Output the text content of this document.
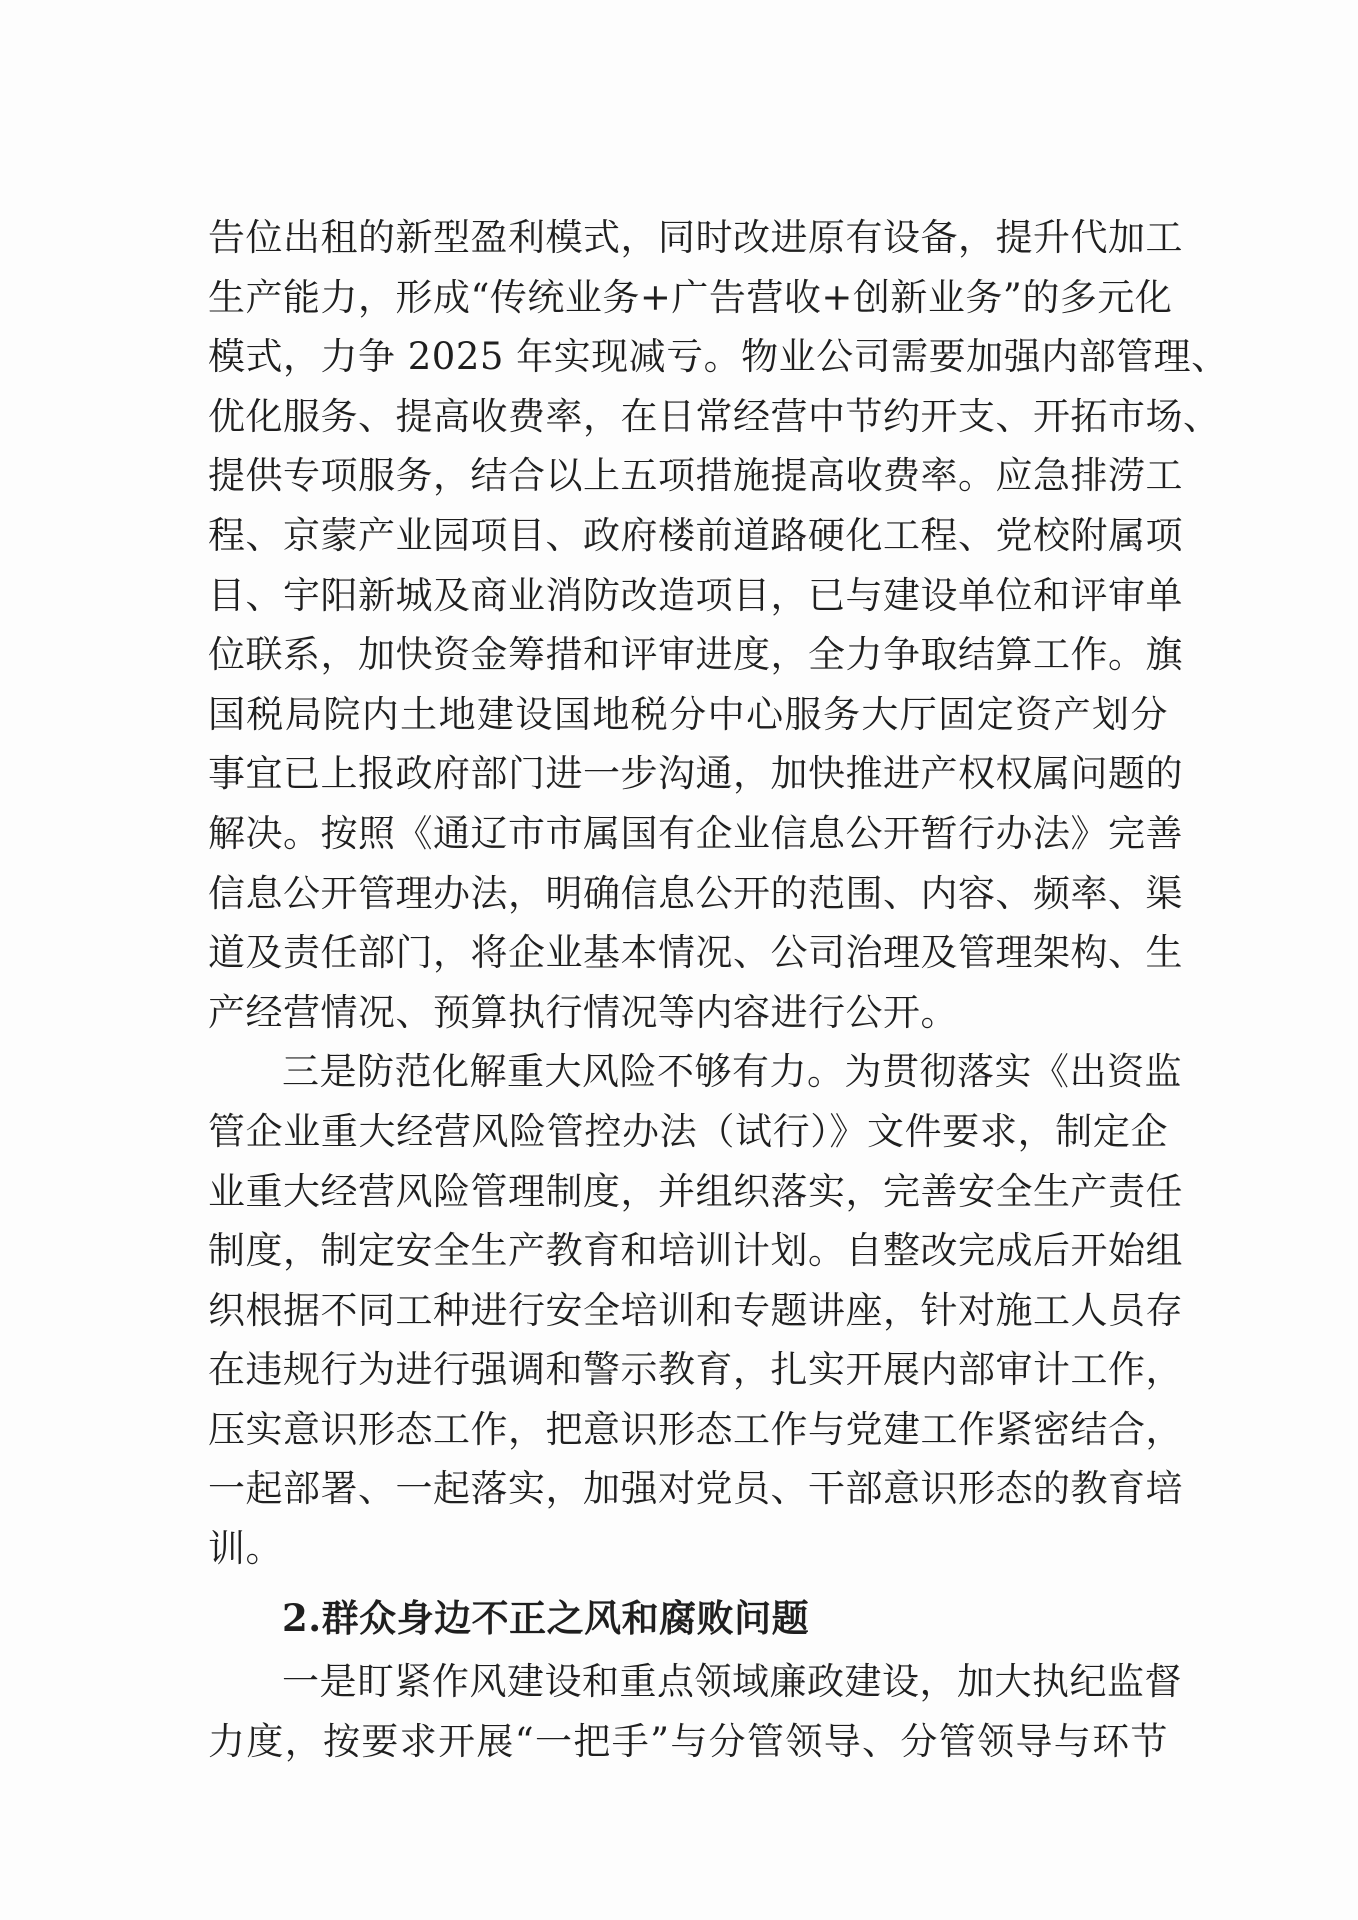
告位出租的新型盈利模式，同时改进原有设备，提升代加工
生产能力，形成“传统业务+广告营收+创新业务”的多元化
模式，力争 2025 年实现减亏。物业公司需要加强内部管理、
优化服务、提高收费率，在日常经营中节约开支、开拓市场、
提供专项服务，结合以上五项措施提高收费率。应急排涝工
程、京蒙产业园项目、政府楼前道路硬化工程、党校附属项
目、宇阳新城及商业消防改造项目，已与建设单位和评审单
位联系，加快资金筹措和评审进度，全力争取结算工作。旗
国税局院内土地建设国地税分中心服务大厅固定资产划分
事宜已上报政府部门进一步沟通，加快推进产权权属问题的
解决。按照《通辽市市属国有企业信息公开暂行办法》完善
信息公开管理办法，明确信息公开的范围、内容、频率、渠
道及责任部门，将企业基本情况、公司治理及管理架构、生
产经营情况、预算执行情况等内容进行公开。
三是防范化解重大风险不够有力。为贯彻落实《出资监
管企业重大经营风险管控办法（试行）》文件要求，制定企
业重大经营风险管理制度，并组织落实，完善安全生产责任
制度，制定安全生产教育和培训计划。自整改完成后开始组
织根据不同工种进行安全培训和专题讲座，针对施工人员存
在违规行为进行强调和警示教育，扎实开展内部审计工作，
压实意识形态工作，把意识形态工作与党建工作紧密结合，
一起部署、一起落实，加强对党员、干部意识形态的教育培
训。
2.群众身边不正之风和腐败问题
一是盯紧作风建设和重点领域廉政建设，加大执纪监督
力度，按要求开展“一把手”与分管领导、分管领导与环节
